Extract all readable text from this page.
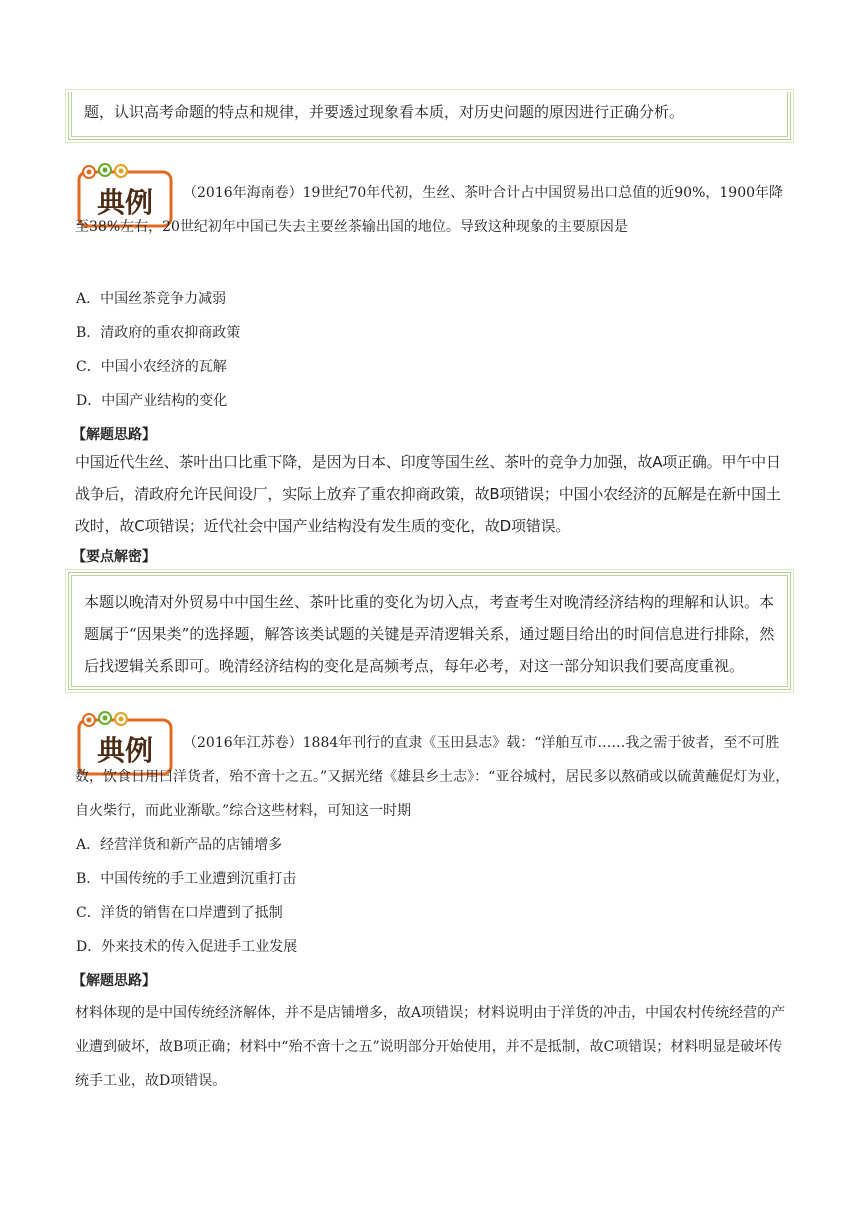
题，认识高考命题的特点和规律，并要透过现象看本质，对历史问题的原因进行正确分析。
典例	（2016年海南卷）19世纪70年代初，生丝、茶叶合计占中国贸易出口总值的近90%，1900年降至38%左右，20世纪初年中国已失去主要丝茶输出国的地位。导致这种现象的主要原因是
A．中国丝茶竞争力减弱
B．清政府的重农抑商政策
C．中国小农经济的瓦解
D．中国产业结构的变化
【解题思路】
中国近代生丝、茶叶出口比重下降，是因为日本、印度等国生丝、茶叶的竞争力加强，故A项正确。甲午中日战争后，清政府允许民间设厂，实际上放弃了重农抑商政策，故B项错误；中国小农经济的瓦解是在新中国土改时，故C项错误；近代社会中国产业结构没有发生质的变化，故D项错误。
【要点解密】
本题以晚清对外贸易中中国生丝、茶叶比重的变化为切入点，考查考生对晚清经济结构的理解和认识。本题属于“因果类”的选择题，解答该类试题的关键是弄清逻辑关系，通过题目给出的时间信息进行排除，然后找逻辑关系即可。晚清经济结构的变化是高频考点，每年必考，对这一部分知识我们要高度重视。
典例	（2016年江苏卷）1884年刊行的直隶《玉田县志》载：“洋舶互市……我之需于彼者，至不可胜数，饮食日用曰洋货者，殆不啻十之五。”又据光绪《雄县乡土志》：“亚谷城村，居民多以熬硝或以硫黄蘸促灯为业，自火柴行，而此业渐歇。”综合这些材料，可知这一时期
A．经营洋货和新产品的店铺增多
B．中国传统的手工业遭到沉重打击
C．洋货的销售在口岸遭到了抵制
D．外来技术的传入促进手工业发展
【解题思路】
材料体现的是中国传统经济解体，并不是店铺增多，故A项错误；材料说明由于洋货的冲击，中国农村传统经营的产业遭到破坏，故B项正确；材料中“殆不啻十之五”说明部分开始使用，并不是抵制，故C项错误；材料明显是破坏传统手工业，故D项错误。
